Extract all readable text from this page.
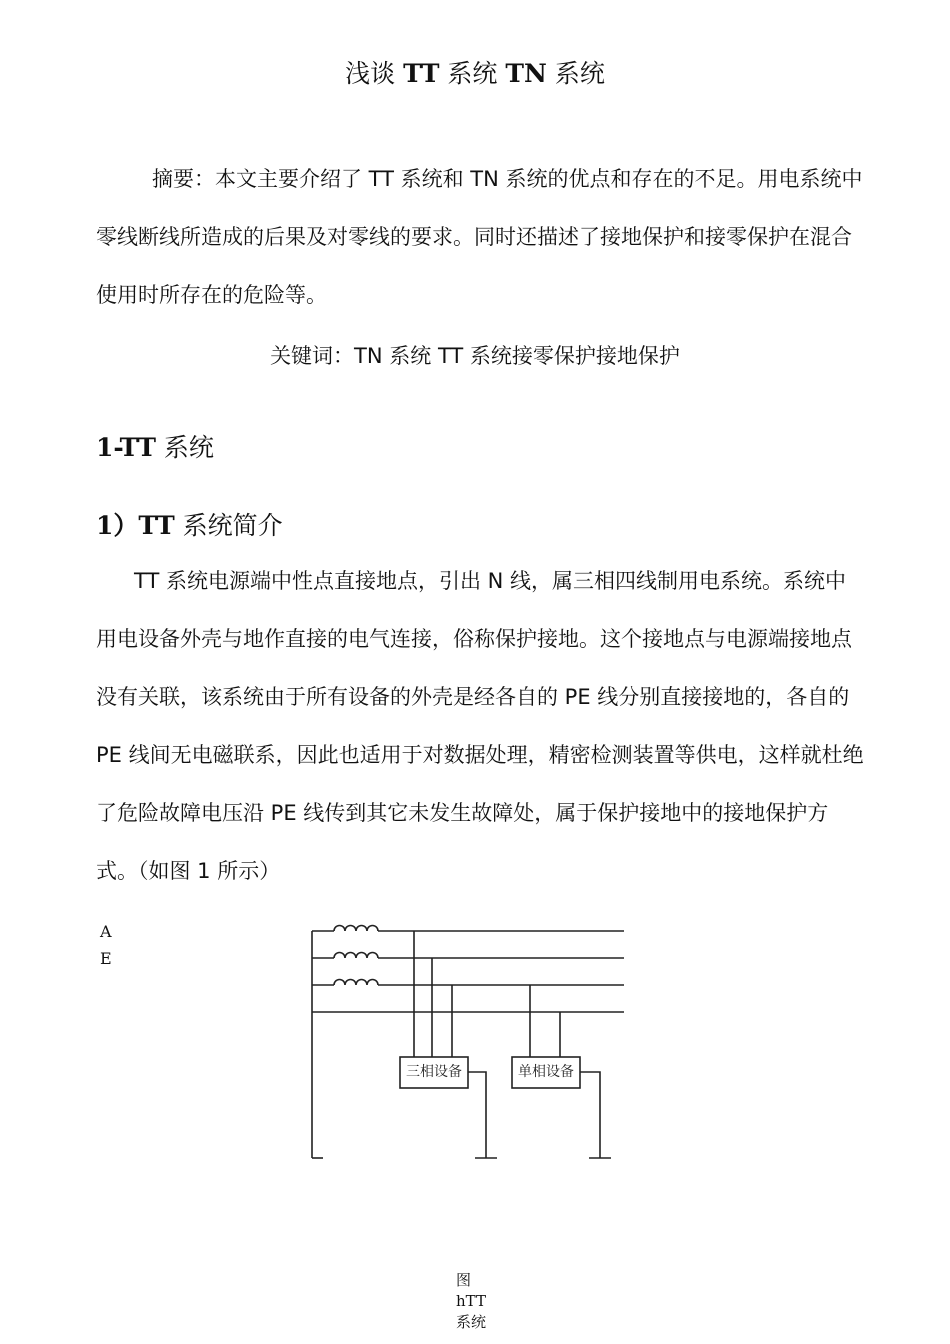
浅谈 TT 系统 TN 系统

摘要：本文主要介绍了 TT 系统和 TN 系统的优点和存在的不足。用电系统中零线断线所造成的后果及对零线的要求。同时还描述了接地保护和接零保护在混合使用时所存在的危险等。

关键词：TN 系统 TT 系统接零保护接地保护
1-TT 系统
1）TT 系统简介

TT 系统电源端中性点直接地点，引出 N 线，属三相四线制用电系统。系统中用电设备外壳与地作直接的电气连接，俗称保护接地。这个接地点与电源端接地点没有关联，该系统由于所有设备的外壳是经各自的 PE 线分别直接接地的，各自的 PE 线间无电磁联系，因此也适用于对数据处理，精密检测装置等供电，这样就杜绝了危险故障电压沿 PE 线传到其它未发生故障处，属于保护接地中的接地保护方式。（如图 1 所示）

A
E
三相设备	单相设备
图
hTT
系统
